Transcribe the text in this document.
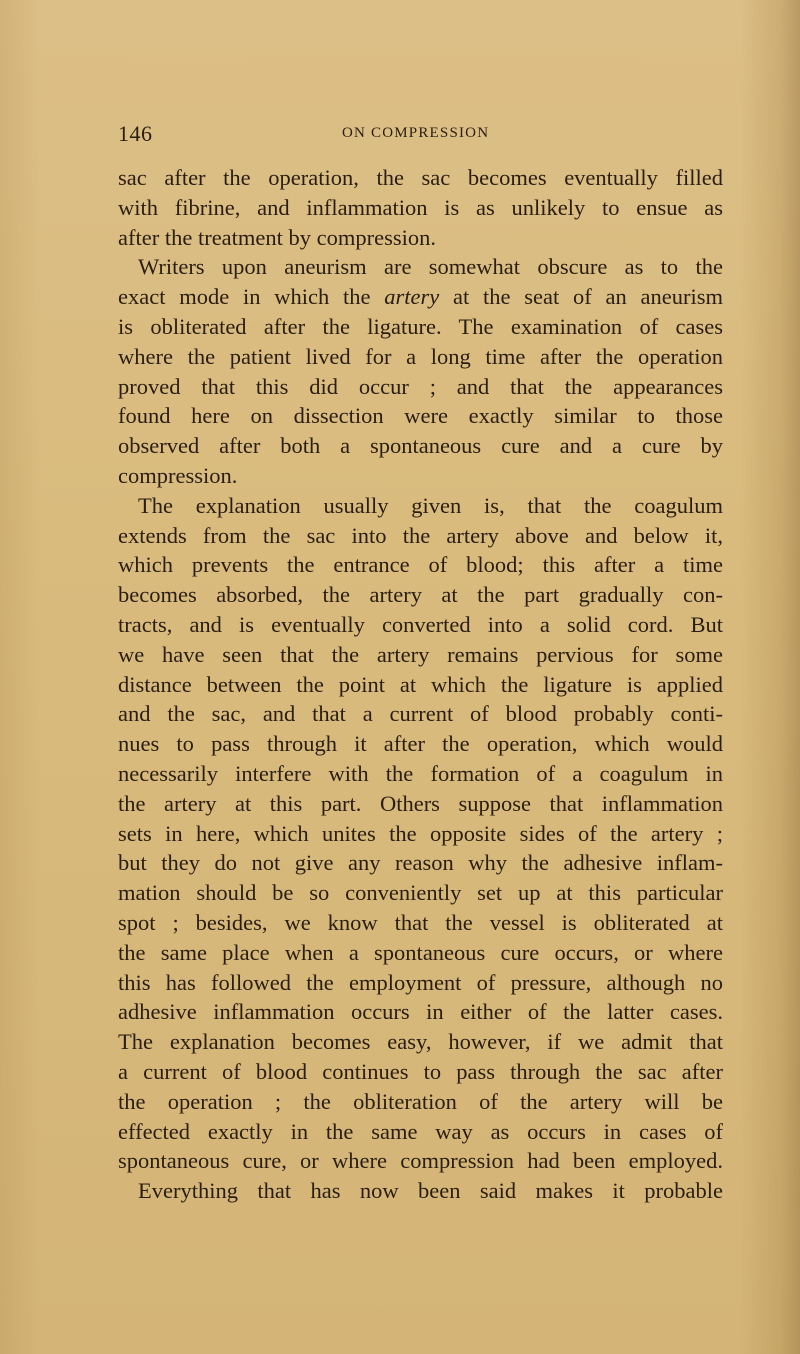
146	ON COMPRESSION
sac after the operation, the sac becomes eventually filled
with fibrine, and inflammation is as unlikely to ensue as
after the treatment by compression.
Writers upon aneurism are somewhat obscure as to the
exact mode in which the artery at the seat of an aneurism
is obliterated after the ligature. The examination of cases
where the patient lived for a long time after the operation
proved that this did occur ; and that the appearances
found here on dissection were exactly similar to those
observed after both a spontaneous cure and a cure by
compression.
The explanation usually given is, that the coagulum
extends from the sac into the artery above and below it,
which prevents the entrance of blood; this after a time
becomes absorbed, the artery at the part gradually con-
tracts, and is eventually converted into a solid cord. But
we have seen that the artery remains pervious for some
distance between the point at which the ligature is applied
and the sac, and that a current of blood probably conti-
nues to pass through it after the operation, which would
necessarily interfere with the formation of a coagulum in
the artery at this part. Others suppose that inflammation
sets in here, which unites the opposite sides of the artery ;
but they do not give any reason why the adhesive inflam-
mation should be so conveniently set up at this particular
spot ; besides, we know that the vessel is obliterated at
the same place when a spontaneous cure occurs, or where
this has followed the employment of pressure, although no
adhesive inflammation occurs in either of the latter cases.
The explanation becomes easy, however, if we admit that
a current of blood continues to pass through the sac after
the operation ; the obliteration of the artery will be
effected exactly in the same way as occurs in cases of
spontaneous cure, or where compression had been employed.
Everything that has now been said makes it probable
